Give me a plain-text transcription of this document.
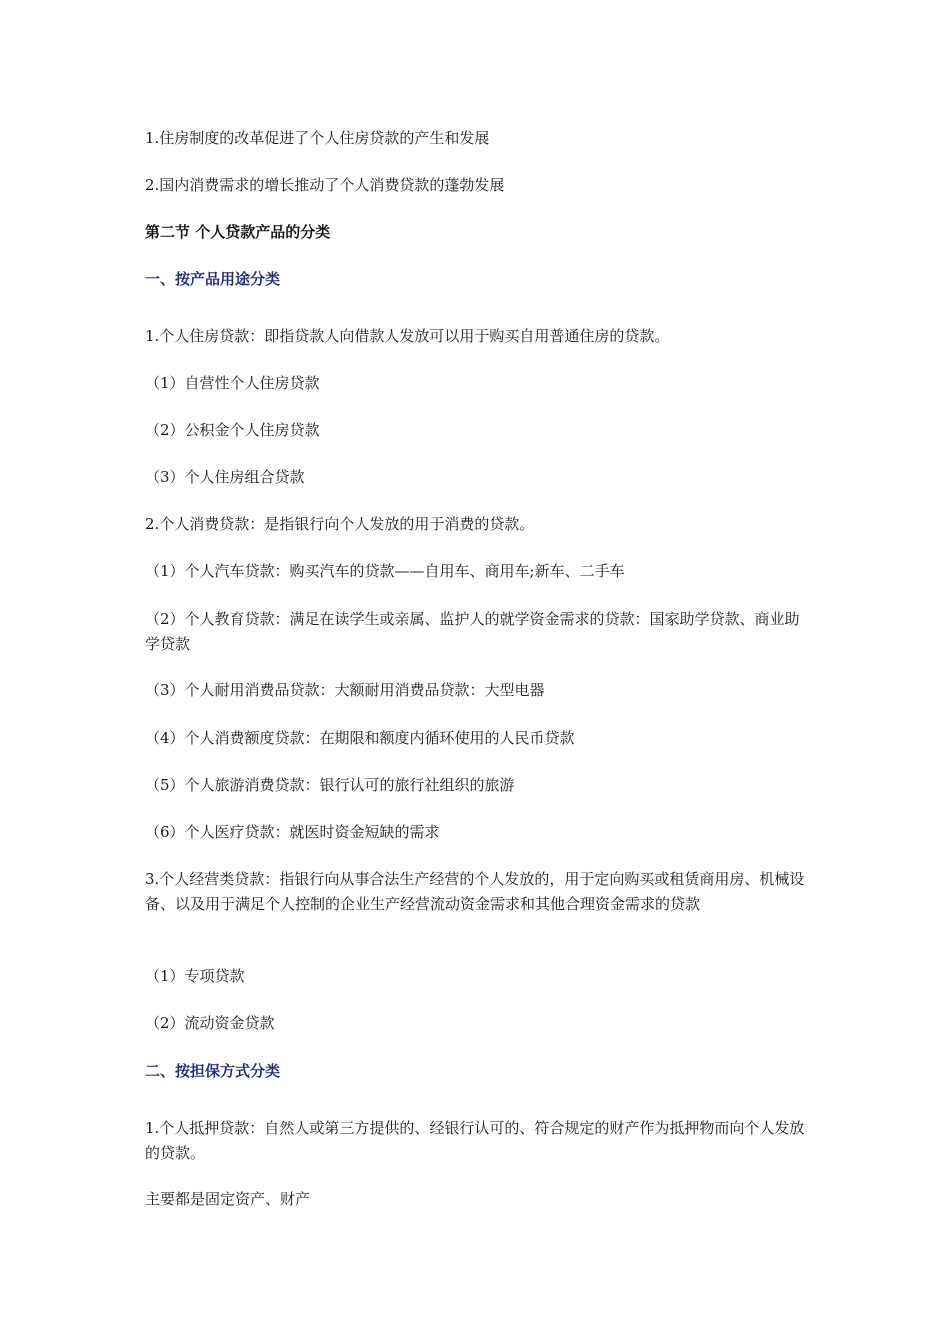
1.住房制度的改革促进了个人住房贷款的产生和发展
2.国内消费需求的增长推动了个人消费贷款的蓬勃发展
第二节 个人贷款产品的分类
一、按产品用途分类
1.个人住房贷款：即指贷款人向借款人发放可以用于购买自用普通住房的贷款。
（1）自营性个人住房贷款
（2）公积金个人住房贷款
（3）个人住房组合贷款
2.个人消费贷款：是指银行向个人发放的用于消费的贷款。
（1）个人汽车贷款：购买汽车的贷款——自用车、商用车;新车、二手车
（2）个人教育贷款：满足在读学生或亲属、监护人的就学资金需求的贷款：国家助学贷款、商业助学贷款
（3）个人耐用消费品贷款：大额耐用消费品贷款：大型电器
（4）个人消费额度贷款：在期限和额度内循环使用的人民币贷款
（5）个人旅游消费贷款：银行认可的旅行社组织的旅游
（6）个人医疗贷款：就医时资金短缺的需求
3.个人经营类贷款：指银行向从事合法生产经营的个人发放的，用于定向购买或租赁商用房、机械设备、以及用于满足个人控制的企业生产经营流动资金需求和其他合理资金需求的贷款
（1）专项贷款
（2）流动资金贷款
二、按担保方式分类
1.个人抵押贷款：自然人或第三方提供的、经银行认可的、符合规定的财产作为抵押物而向个人发放的贷款。
主要都是固定资产、财产
